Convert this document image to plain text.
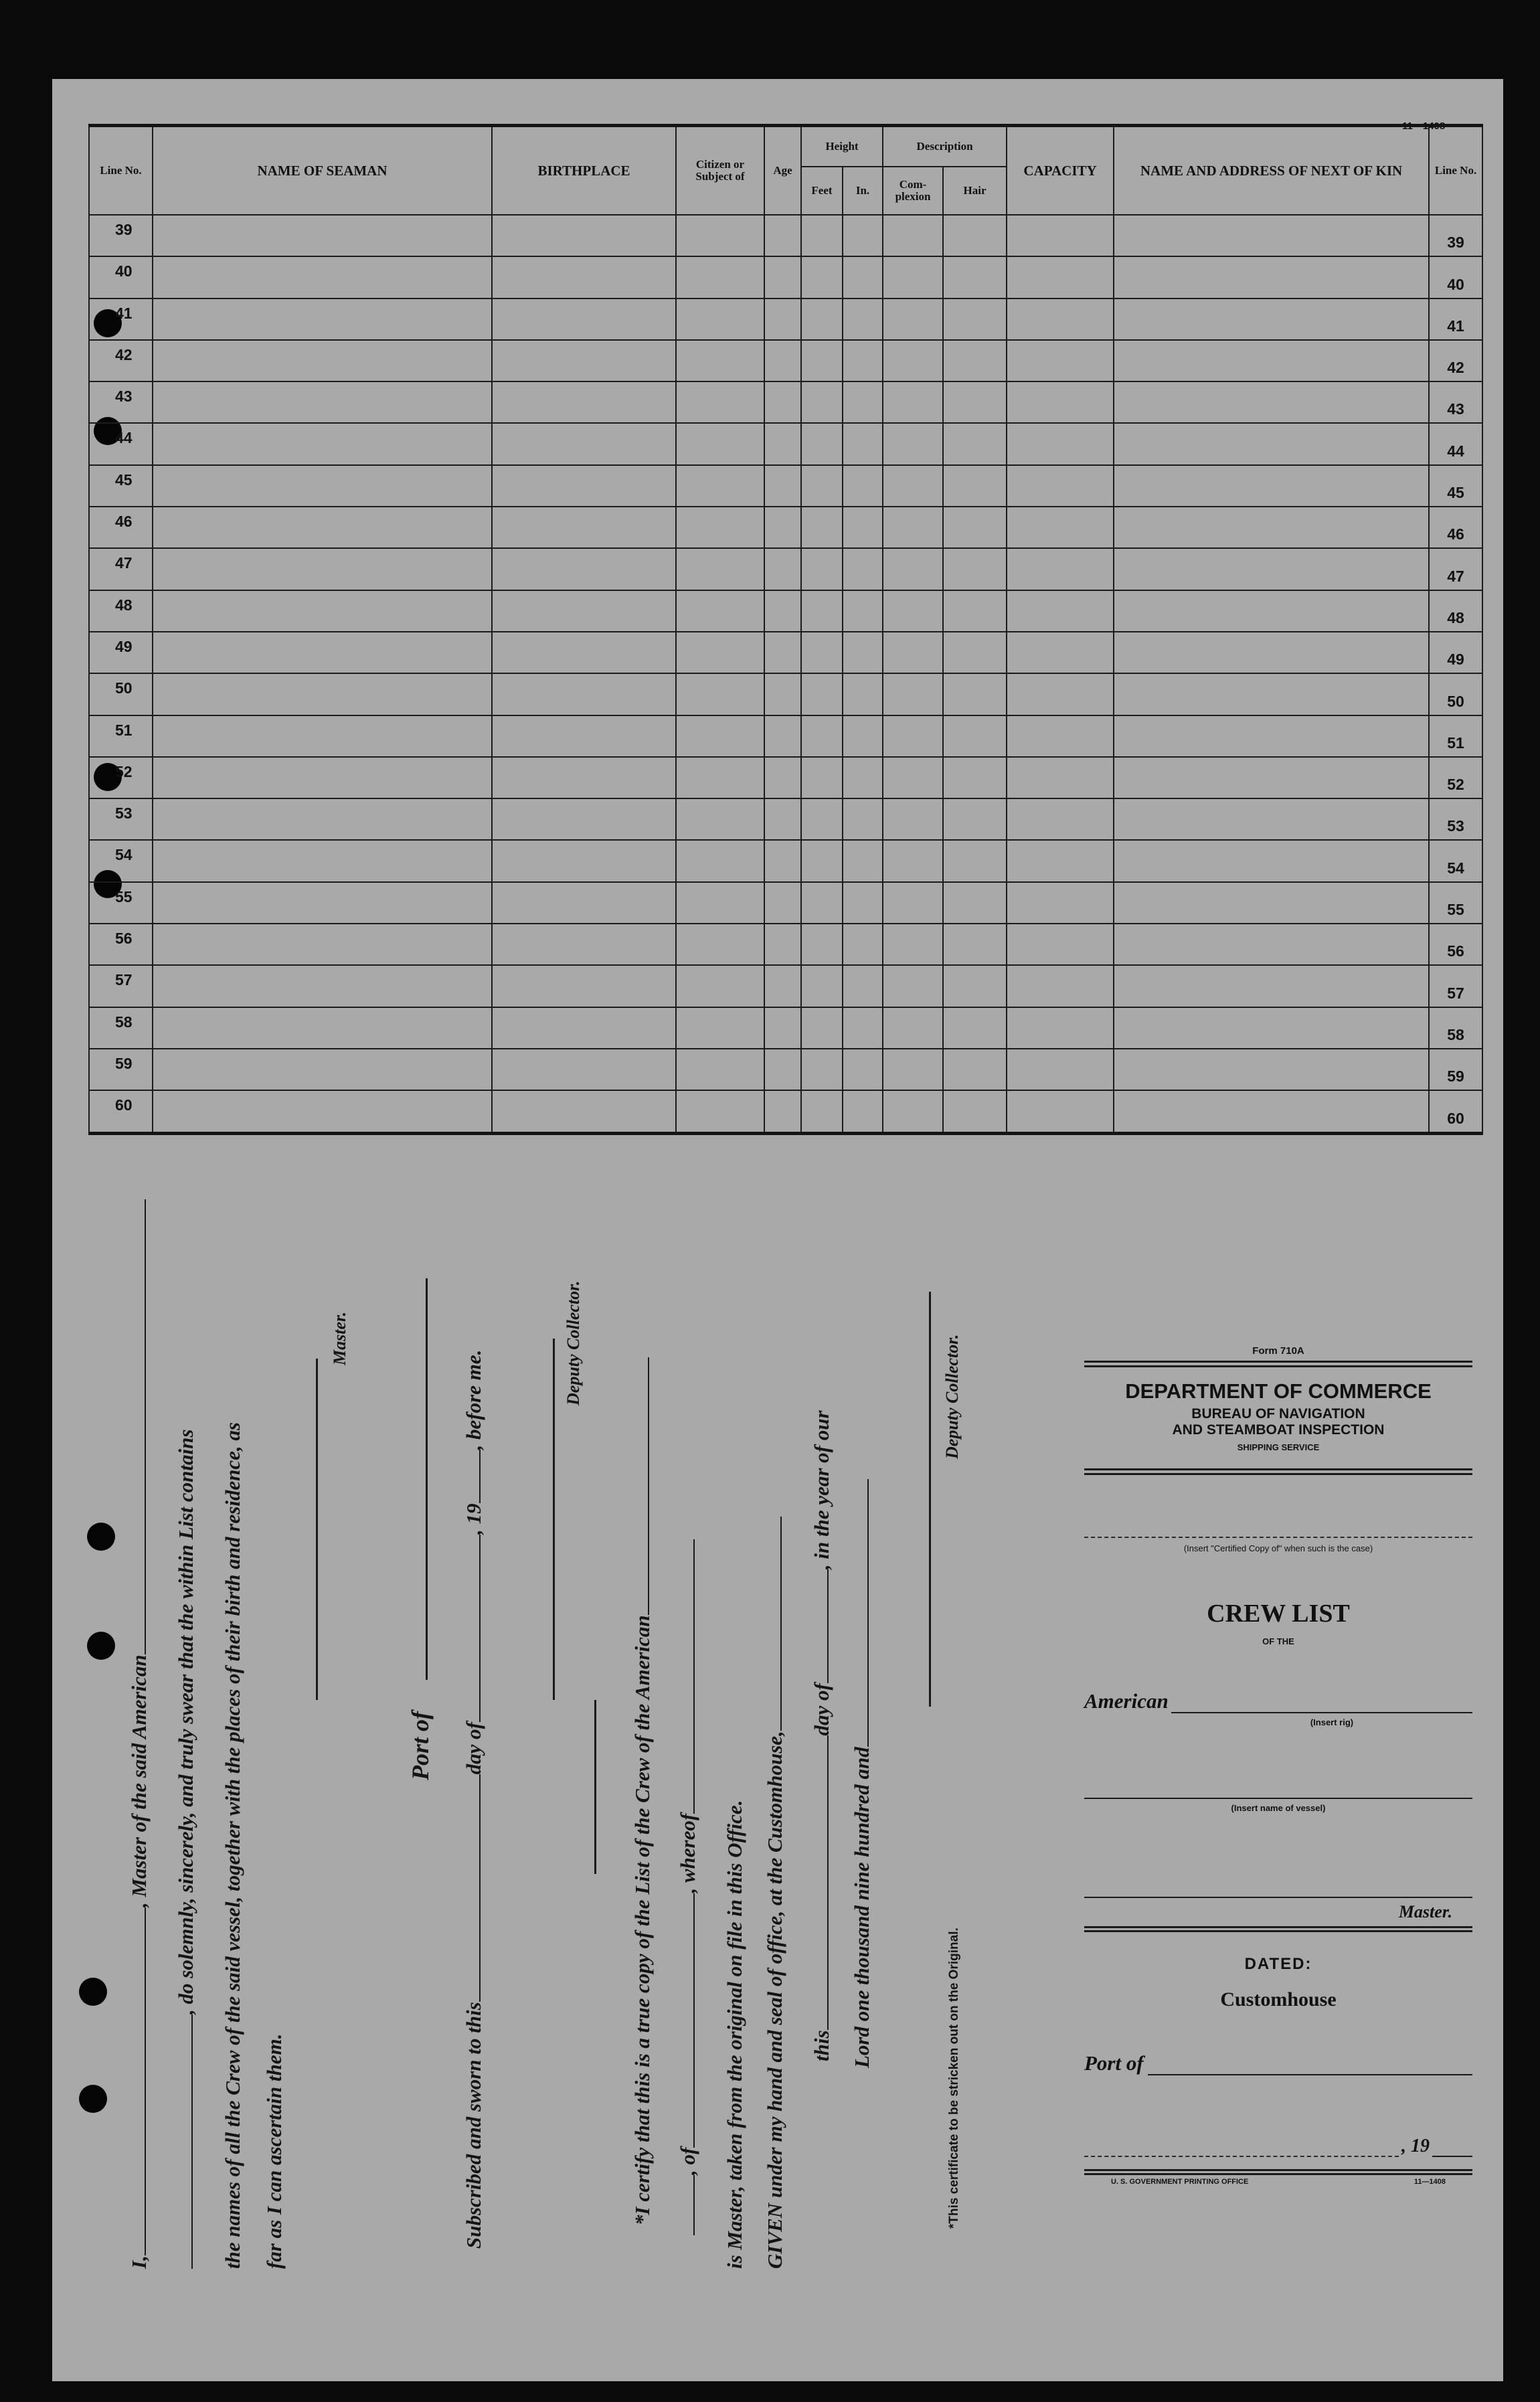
11—1408
Line No.	NAME OF SEAMAN	BIRTHPLACE	Citizen or Subject of	Age	Height		Description		CAPACITY	NAME AND ADDRESS OF NEXT OF KIN	Line No.
					Feet	In.	Com-plexion	Hair			
39											39
40											40
41											41
42											42
43											43
44											44
45											45
46											46
47											47
48											48
49											49
50											50
51											51
52											52
53											53
54											54
55											55
56											56
57											57
58											58
59											59
60											60
I,, Master of the said American , do solemnly, sincerely, and truly swear that the within List contains the names of all the Crew of the said vessel, together with the places of their birth and residence, as far as I can ascertain them.
Master.
Port of
Subscribed and sworn to thisday of, 19, before me.	Deputy Collector.
*I certify that this is a true copy of the List of the Crew of the American , of, whereof is Master, taken from the original on file in this Office. GIVEN under my hand and seal of office, at the Customhouse, thisday of, in the year of our
Lord one thousand nine hundred and
Deputy Collector.
*This certificate to be stricken out on the Original.
Form 710A
DEPARTMENT OF COMMERCE
BUREAU OF NAVIGATION
AND STEAMBOAT INSPECTION
SHIPPING SERVICE
(Insert "Certified Copy of" when such is the case)
CREW LIST
OF THE
American
(Insert rig)
(Insert name of vessel)
Master.
DATED:
Customhouse
Port of
, 19
U. S. GOVERNMENT PRINTING OFFICE	11—1408
